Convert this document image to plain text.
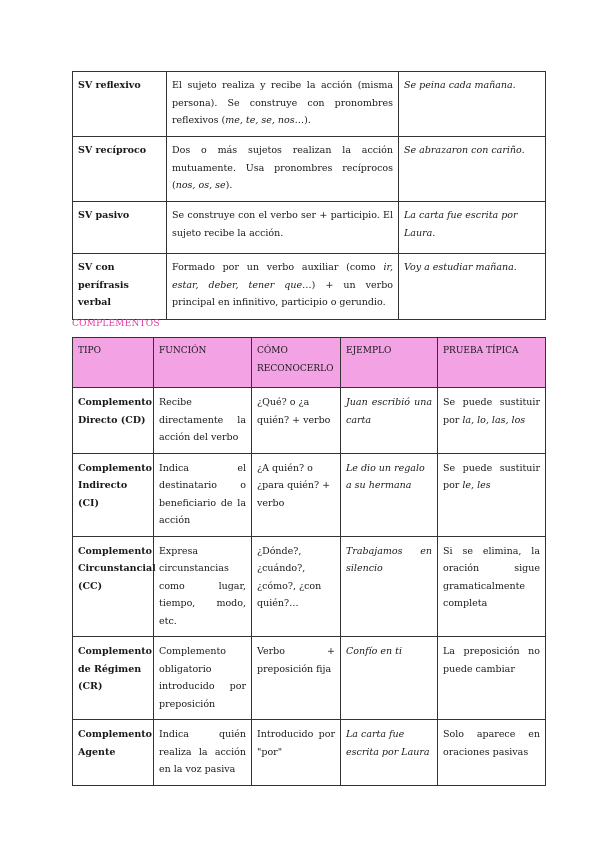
SV reflexivo	El sujeto realiza y recibe la acción (misma persona). Se construye con pronombres reflexivos (me, te, se, nos…).	Se peina cada mañana.
SV recíproco	Dos o más sujetos realizan la acción mutuamente. Usa pronombres recíprocos (nos, os, se).	Se abrazaron con cariño.
SV pasivo	Se construye con el verbo ser + participio. El sujeto recibe la acción.	La carta fue escrita por Laura.
SV con perífrasis verbal	Formado por un verbo auxiliar (como ir, estar, deber, tener que…) + un verbo principal en infinitivo, participio o gerundio.	Voy a estudiar mañana.

COMPLEMENTOS

TIPO	FUNCIÓN	CÓMO RECONOCERLO	EJEMPLO	PRUEBA TÍPICA
Complemento Directo (CD)	Recibe directamente la acción del verbo	¿Qué? o ¿a quién? + verbo	Juan escribió una carta	Se puede sustituir por la, lo, las, los
Complemento Indirecto (CI)	Indica el destinatario o beneficiario de la acción	¿A quién? o ¿para quién? + verbo	Le dio un regalo a su hermana	Se puede sustituir por le, les
Complemento Circunstancial (CC)	Expresa circunstancias como lugar, tiempo, modo, etc.	¿Dónde?, ¿cuándo?, ¿cómo?, ¿con quién?…	Trabajamos en silencio	Si se elimina, la oración sigue gramaticalmente completa
Complemento de Régimen (CR)	Complemento obligatorio introducido por preposición	Verbo + preposición fija	Confío en ti	La preposición no puede cambiar
Complemento Agente	Indica quién realiza la acción en la voz pasiva	Introducido por "por"	La carta fue escrita por Laura	Solo aparece en oraciones pasivas
